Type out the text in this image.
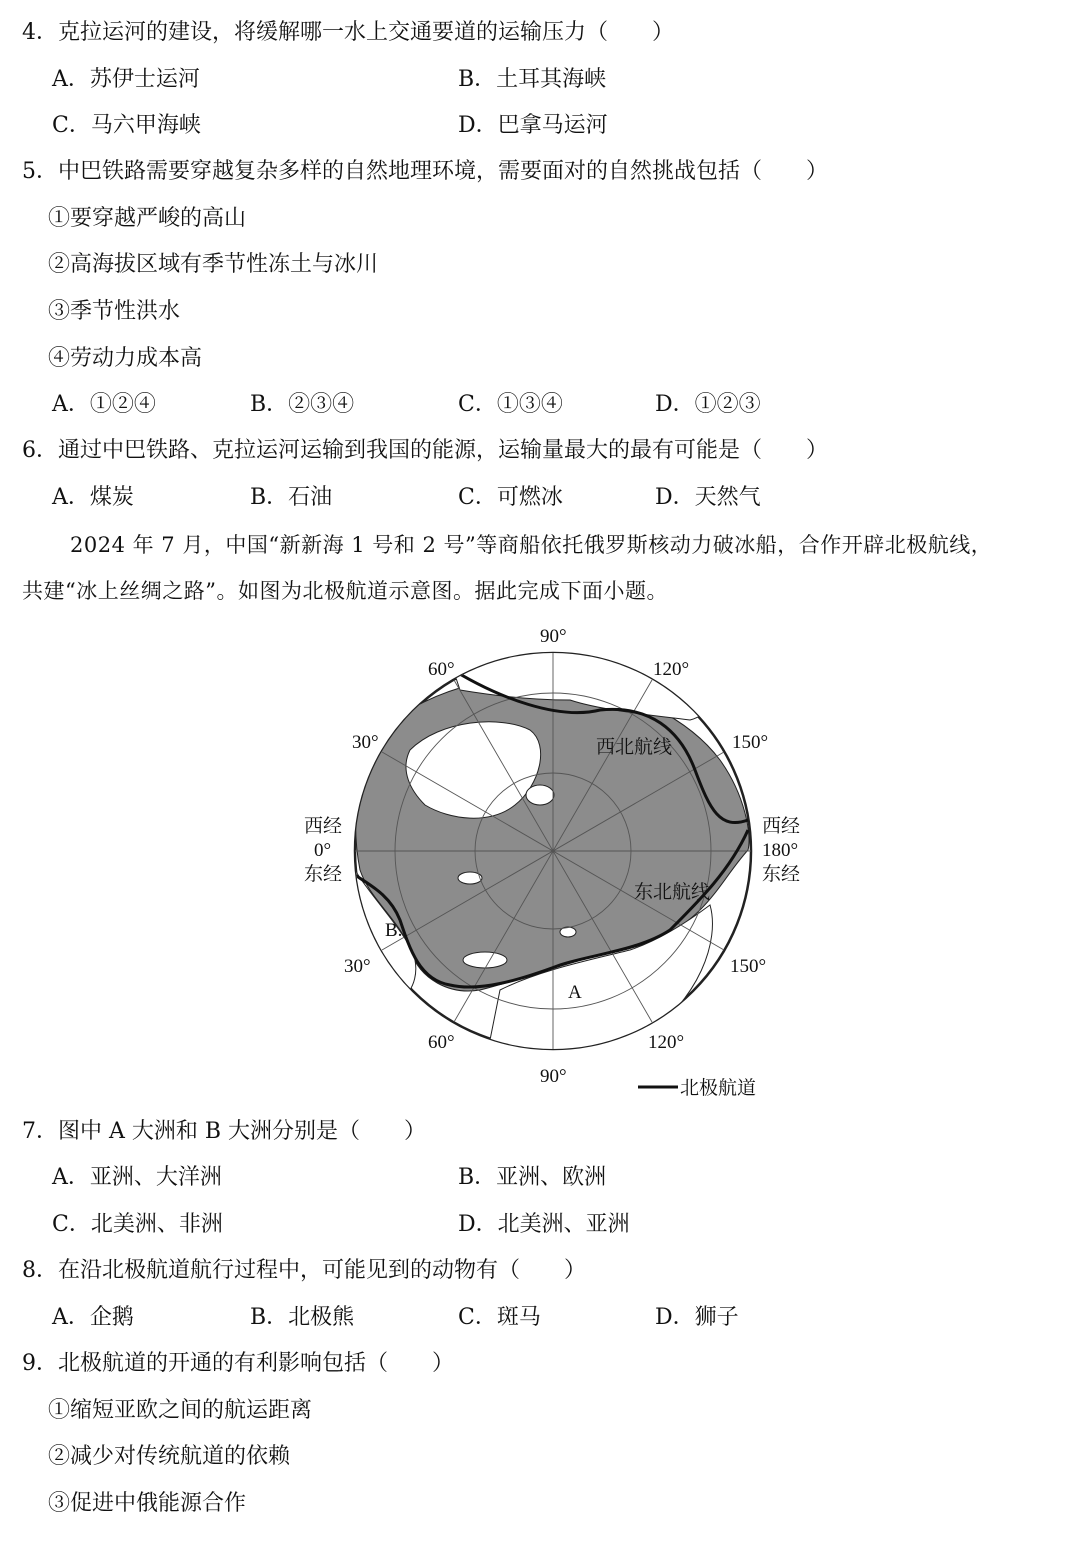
4．克拉运河的建设，将缓解哪一水上交通要道的运输压力（　　）
A．苏伊士运河	B．土耳其海峡
C．马六甲海峡	D．巴拿马运河
5．中巴铁路需要穿越复杂多样的自然地理环境，需要面对的自然挑战包括（　　）
①要穿越严峻的高山
②高海拔区域有季节性冻土与冰川
③季节性洪水
④劳动力成本高
A．①②④	B．②③④	C．①③④	D．①②③
6．通过中巴铁路、克拉运河运输到我国的能源，运输量最大的最有可能是（　　）
A．煤炭	B．石油	C．可燃冰	D．天然气
2024 年 7 月，中国“新新海 1 号和 2 号”等商船依托俄罗斯核动力破冰船，合作开辟北极航线，
共建“冰上丝绸之路”。如图为北极航道示意图。据此完成下面小题。
90°
90°
60°	120°
30°	150°
30°	150°
60°	120°
西经
0°
东经
西经
180°
东经
西北航线
东北航线
A
B.
北极航道
7．图中 A 大洲和 B 大洲分别是（　　）
A．亚洲、大洋洲	B．亚洲、欧洲
C．北美洲、非洲	D．北美洲、亚洲
8．在沿北极航道航行过程中，可能见到的动物有（　　）
A．企鹅	B．北极熊	C．斑马	D．狮子
9．北极航道的开通的有利影响包括（　　）
①缩短亚欧之间的航运距离
②减少对传统航道的依赖
③促进中俄能源合作
